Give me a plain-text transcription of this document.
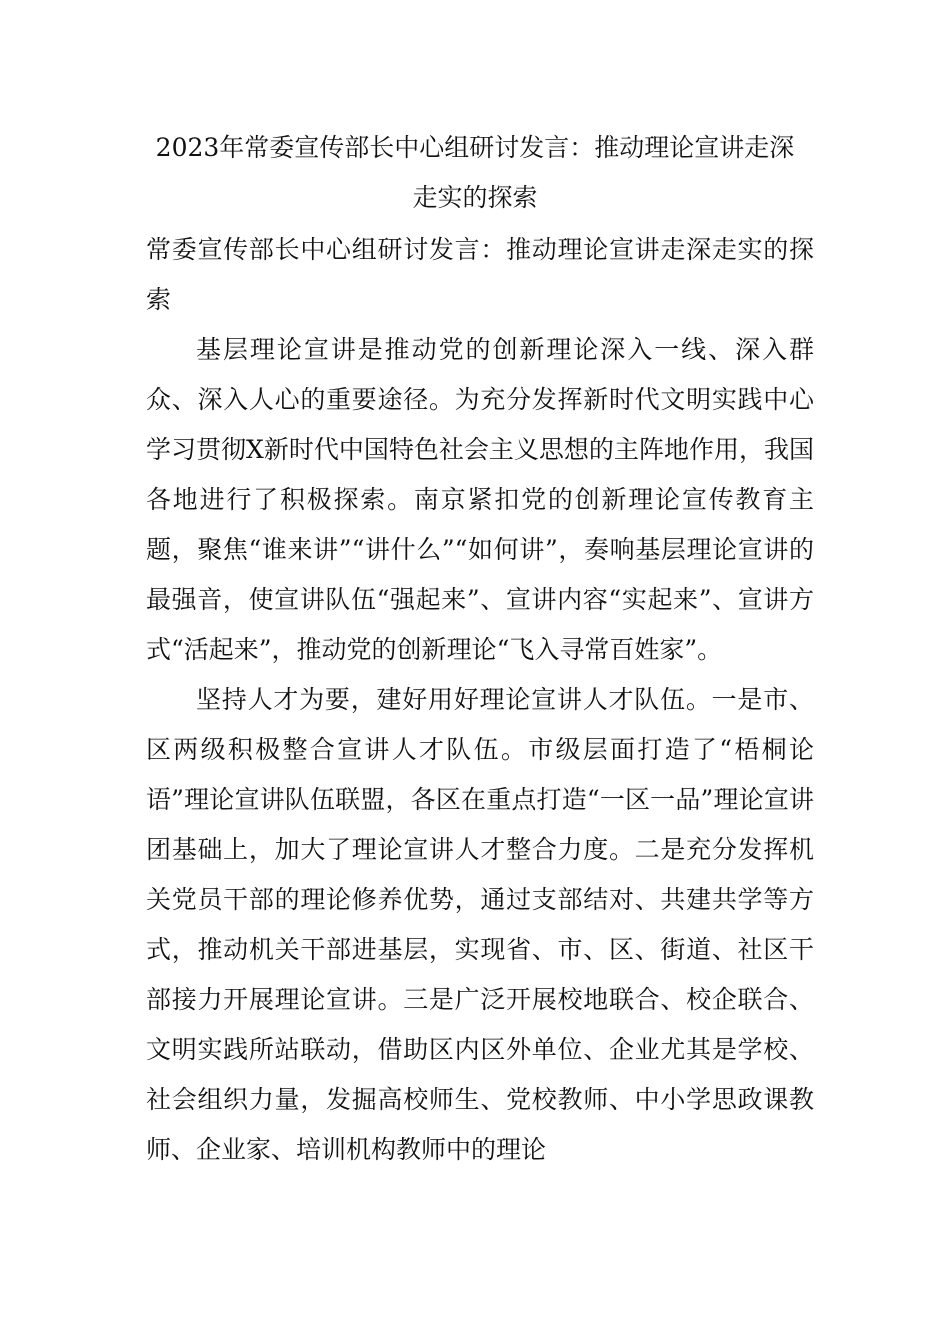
2023年常委宣传部长中心组研讨发言：推动理论宣讲走深
走实的探索

常委宣传部长中心组研讨发言：推动理论宣讲走深走实的探索

基层理论宣讲是推动党的创新理论深入一线、深入群众、深入人心的重要途径。为充分发挥新时代文明实践中心学习贯彻X新时代中国特色社会主义思想的主阵地作用，我国各地进行了积极探索。南京紧扣党的创新理论宣传教育主题，聚焦“谁来讲”“讲什么”“如何讲”，奏响基层理论宣讲的最强音，使宣讲队伍“强起来”、宣讲内容“实起来”、宣讲方式“活起来”，推动党的创新理论“飞入寻常百姓家”。

坚持人才为要，建好用好理论宣讲人才队伍。一是市、区两级积极整合宣讲人才队伍。市级层面打造了“梧桐论语”理论宣讲队伍联盟，各区在重点打造“一区一品”理论宣讲团基础上，加大了理论宣讲人才整合力度。二是充分发挥机关党员干部的理论修养优势，通过支部结对、共建共学等方式，推动机关干部进基层，实现省、市、区、街道、社区干部接力开展理论宣讲。三是广泛开展校地联合、校企联合、文明实践所站联动，借助区内区外单位、企业尤其是学校、社会组织力量，发掘高校师生、党校教师、中小学思政课教师、企业家、培训机构教师中的理论
